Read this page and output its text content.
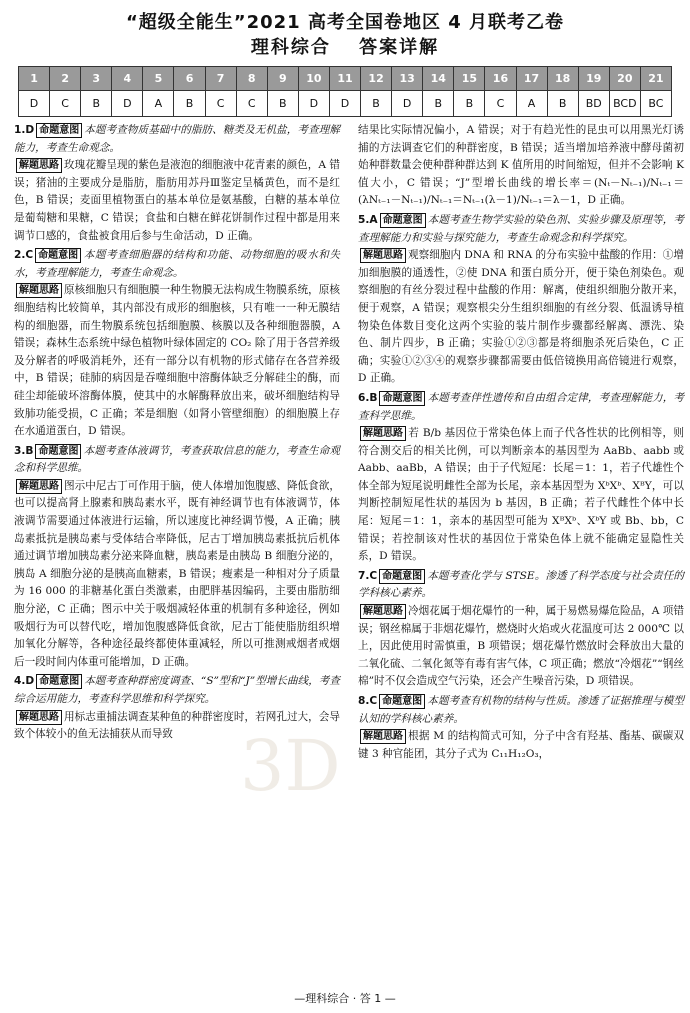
“超级全能生”2021 高考全国卷地区 4 月联考乙卷
理科综合 答案详解
1	2	3	4	5	6	7	8	9	10	11	12	13	14	15	16	17	18	19	20	21
D	C	B	D	A	B	C	C	B	D	D	B	D	B	B	C	A	B	BD	BCD	BC
1.D 命题意图 本题考查物质基础中的脂肪、糖类及无机盐，考查理解能力，考查生命观念。
解题思路 玫瑰花瓣呈现的紫色是液泡的细胞液中花青素的颜色，A 错误；猪油的主要成分是脂肪，脂肪用苏丹Ⅲ鉴定呈橘黄色，而不是红色，B 错误；麦面里植物蛋白的基本单位是氨基酸，白糖的基本单位是葡萄糖和果糖，C 错误；食盐和白糖在鲜花饼制作过程中都是用来调节口感的，食盐被食用后参与生命活动，D 正确。
2.C 命题意图 本题考查细胞器的结构和功能、动物细胞的吸水和失水，考查理解能力，考查生命观念。
解题思路 原核细胞只有细胞膜一种生物膜无法构成生物膜系统，原核细胞结构比较简单，其内部没有成形的细胞核，只有唯一一种无膜结构的细胞器，而生物膜系统包括细胞膜、核膜以及各种细胞器膜，A 错误；森林生态系统中绿色植物叶绿体固定的 CO₂ 除了用于各营养级及分解者的呼吸消耗外，还有一部分以有机物的形式储存在各营养级中，B 错误；硅肺的病因是吞噬细胞中溶酶体缺乏分解硅尘的酶，而硅尘却能破坏溶酶体膜，使其中的水解酶释放出来，破坏细胞结构导致肺功能受损，C 正确；苯是细胞（如肾小管壁细胞）的细胞膜上存在水通道蛋白，D 错误。
3.B 命题意图 本题考查体液调节，考查获取信息的能力，考查生命观念和科学思维。
解题思路 图示中尼古丁可作用于脑，使人体增加饱腹感、降低食欲，也可以提高肾上腺素和胰岛素水平，既有神经调节也有体液调节，体液调节需要通过体液进行运输，所以速度比神经调节慢，A 正确；胰岛素抵抗是胰岛素与受体结合率降低，尼古丁增加胰岛素抵抗后机体通过调节增加胰岛素分泌来降血糖，胰岛素是由胰岛 B 细胞分泌的，胰岛 A 细胞分泌的是胰高血糖素，B 错误；瘦素是一种相对分子质量为 16 000 的非糖基化蛋白类激素，由肥胖基因编码，主要由脂肪细胞分泌，C 正确；图示中关于吸烟减轻体重的机制有多种途径，例如吸烟行为可以替代吃，增加饱腹感降低食欲，尼古丁能使脂肪组织增加氧化分解等，各种途径最终都使体重减轻，所以可推测戒烟者戒烟后一段时间内体重可能增加，D 正确。
4.D 命题意图 本题考查种群密度调查、“S”型和“J”型增长曲线，考查综合运用能力，考查科学思维和科学探究。
解题思路 用标志重捕法调查某种鱼的种群密度时，若网孔过大，会导致个体较小的鱼无法捕获从而导致
结果比实际情况偏小，A 错误；对于有趋光性的昆虫可以用黑光灯诱捕的方法调查它们的种群密度，B 错误；适当增加培养液中酵母菌初始种群数量会使种群种群达到 K 值所用的时间缩短，但并不会影响 K 值大小，C 错误；“J”型增长曲线的增长率＝(Nₜ－Nₜ₋₁)/Nₜ₋₁＝(λNₜ₋₁－Nₜ₋₁)/Nₜ₋₁＝Nₜ₋₁(λ－1)/Nₜ₋₁＝λ－1，D 正确。
5.A 命题意图 本题考查生物学实验的染色剂、实验步骤及原理等，考查理解能力和实验与探究能力，考查生命观念和科学探究。
解题思路 观察细胞内 DNA 和 RNA 的分布实验中盐酸的作用：①增加细胞膜的通透性，②使 DNA 和蛋白质分开，便于染色剂染色。观察细胞的有丝分裂过程中盐酸的作用：解离，使组织细胞分散开来，便于观察，A 错误；观察根尖分生组织细胞的有丝分裂、低温诱导植物染色体数目变化这两个实验的装片制作步骤都经解离、漂洗、染色、制片四步，B 正确；实验①②③都是将细胞杀死后染色，C 正确；实验①②③④的观察步骤都需要由低倍镜换用高倍镜进行观察，D 正确。
6.B 命题意图 本题考查伴性遗传和自由组合定律，考查理解能力，考查科学思维。
解题思路 若 B/b 基因位于常染色体上而子代各性状的比例相等，则符合测交后的相关比例，可以判断亲本的基因型为 AaBb、aabb 或 Aabb、aaBb，A 错误；由于子代短尾：长尾＝1：1，若子代雄性个体全部为短尾说明雌性全部为长尾，亲本基因型为 XᵇXᵇ、XᴮY，可以判断控制短尾性状的基因为 b 基因，B 正确；若子代雌性个体中长尾：短尾＝1：1，亲本的基因型可能为 XᴮXᵇ、XᵇY 或 Bb、bb，C 错误；若控制该对性状的基因位于常染色体上就不能确定显隐性关系，D 错误。
7.C 命题意图 本题考查化学与 STSE。渗透了科学态度与社会责任的学科核心素养。
解题思路 冷烟花属于烟花爆竹的一种，属于易燃易爆危险品，A 项错误；钢丝棉属于非烟花爆竹，燃烧时火焰或火花温度可达 2 000℃ 以上，因此使用时需慎重，B 项错误；烟花爆竹燃放时会释放出大量的二氧化硫、二氧化氮等有毒有害气体，C 项正确；燃放“冷烟花”“钢丝棉”时不仅会造成空气污染，还会产生噪音污染，D 项错误。
8.C 命题意图 本题考查有机物的结构与性质。渗透了证据推理与模型认知的学科核心素养。
解题思路 根据 M 的结构简式可知，分子中含有羟基、酯基、碳碳双键 3 种官能团，其分子式为 C₁₁H₁₂O₃，
3D
—理科综合 · 答 1 —
